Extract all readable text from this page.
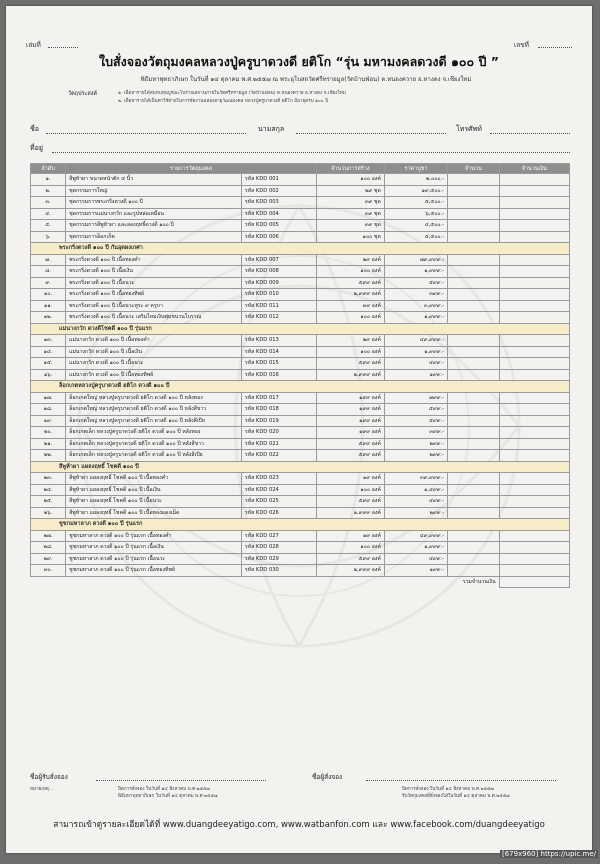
เล่มที่	เลขที่
ใบสั่งจองวัตถุมงคลหลวงปู่ครูบาดวงดี ยติโก “รุ่น มหามงคลดวงดี ๑๐๐ ปี ”
พิธีมหาพุทธาภิเษก ในวันที่ ๑๔ ตุลาคม พ.ศ.๒๕๕๗ ณ พระอุโบสถวัดศรีทรายมูล(วัดบ้านฟ่อน) ต.หนองควาย อ.หางดง จ.เชียงใหม่
วัตถุประสงค์	๑. เพื่อหารายได้สมทบทุนบูรณะโบราณสถานภายในวัดศรีทรายมูล (วัดบ้านฟ่อน) ต.หนองควาย อ.หางดง จ.เชียงใหม่
๒. เพื่อหารายได้เป็นค่าใช้จ่ายในการจัดงานฉลองอายุวัฒนมงคล หลวงปู่ครูบาดวงดี ยติโก มีอายุครบ ๑๐๐ ปี
ชื่อ	นามสกุล	โทรศัพท์
ที่อยู่
ลำดับ	รายการวัตถุมงคล		จำนวนการสร้าง	ราคาบูชา	จำนวน	จำนวนเงิน
๑.	สีพูห้าผา ขนาดหน้าตัก ๕ นิ้ว	รหัส KDD 001	๑๐๐ องค์	๒,๐๐๐.-		
๒.	ชุดกรรมการใหญ่	รหัส KDD 002	๒๙ ชุด	๑๙,๕๐๐.-		
๓.	ชุดกรรมการพระกริ่งดวงดี ๑๐๐ ปี	รหัส KDD 003	๓๙ ชุด	๕,๕๐๐.-		
๔.	ชุดกรรมการแม่นางกวัก และรูปหล่อเหมือน	รหัส KDD 004	๓๙ ชุด	๖,๕๐๐.-		
๕.	ชุดกรรมการสีพูห้าผา และลองฤทธิ์ดวงดี ๑๐๐ ปี	รหัส KDD 005	๓๙ ชุด	๔,๕๐๐.-		
๖.	ชุดกรรมการล็อกเก็ต	รหัส KDD 006	๑๐๐ ชุด	๕,๕๐๐.-		
พระกริ่งดวงดี ๑๐๐ ปี กันอุดผงเกศา						
๗.	พระกริ่งดวงดี ๑๐๐ ปี เนื้อทองคำ	รหัส KDD 007	๒๙ องค์	๗๙,๙๙๙.-		
๘.	พระกริ่งดวงดี ๑๐๐ ปี เนื้อเงิน	รหัส KDD 008	๑๐๐ องค์	๑,๙๙๙.-		
๙.	พระกริ่งดวงดี ๑๐๐ ปี เนื้อนวะ	รหัส KDD 009	๕๙๙ องค์	๕๙๙.-		
๑๐.	พระกริ่งดวงดี ๑๐๐ ปี เนื้อทองทิพย์	รหัส KDD 010	๒,๙๙๙ องค์	๓๙๙.-		
๑๑.	พระกริ่งดวงดี ๑๐๐ ปี เนื้อนวะหูระ ๙ ครูบา	รหัส KDD 011	๓๙ องค์	๓,๙๙๙.-		
๑๒.	พระกริ่งดวงดี ๑๐๐ ปี เนื้อนวะ เสริมไหมเงินพุ่มชนวนโบราณ	รหัส KDD 012	๑๐๐ องค์	๑,๙๙๙.-		
แม่นางกวัก ดวงดีโชคดี ๑๐๐ ปี รุ่นแรก						
๑๓.	แม่นางกวัก ดวงดี ๑๐๐ ปี เนื้อทองคำ	รหัส KDD 013	๒๙ องค์	๔๙,๙๙๙.-		
๑๔.	แม่นางกวัก ดวงดี ๑๐๐ ปี เนื้อเงิน	รหัส KDD 014	๑๐๐ องค์	๑,๙๙๙.-		
๑๕.	แม่นางกวัก ดวงดี ๑๐๐ ปี เนื้อนวะ	รหัส KDD 015	๕๙๙ องค์	๔๙๙.-		
๑๖.	แม่นางกวัก ดวงดี ๑๐๐ ปี เนื้อทองทิพย์	รหัส KDD 016	๒,๙๙๙ องค์	๑๙๙.-		
ล็อกเกตหลวงปู่ครูบาดวงดี ยติโก ดวงดี ๑๐๐ ปี						
๑๗.	ล็อกเกตใหญ่ หลวงปู่ครูบาดวงดี ยติโก ดวงดี ๑๐๐ ปี หลังทอง	รหัส KDD 017	๑๙๙ องค์	๗๙๙.-		
๑๘.	ล็อกเกตใหญ่ หลวงปู่ครูบาดวงดี ยติโก ดวงดี ๑๐๐ ปี หลังสีขาว	รหัส KDD 018	๑๙๙ องค์	๕๙๙.-		
๑๙.	ล็อกเกตใหญ่ หลวงปู่ครูบาดวงดี ยติโก ดวงดี ๑๐๐ ปี หลังสีเปีย	รหัส KDD 019	๑๙๙ องค์	๕๙๙.-		
๒๐.	ล็อกเกตเล็ก หลวงปู่ครูบาดวงดี ยติโก ดวงดี ๑๐๐ ปี หลังทอง	รหัส KDD 020	๑๙๙ องค์	๓๙๙.-		
๒๑.	ล็อกเกตเล็ก หลวงปู่ครูบาดวงดี ยติโก ดวงดี ๑๐๐ ปี หลังสีขาว	รหัส KDD 021	๕๙๙ องค์	๒๙๙.-		
๒๒.	ล็อกเกตเล็ก หลวงปู่ครูบาดวงดี ยติโก ดวงดี ๑๐๐ ปี หลังสีเปีย	รหัส KDD 022	๕๙๙ องค์	๒๙๙.-		
สีพูห้าผา แผลงฤทธิ์ โชคดี ๑๐๐ ปี						
๒๓.	สีพูห้าผา แผลงฤทธิ์ โชคดี ๑๐๐ ปี เนื้อทองคำ	รหัส KDD 023	๑๙ องค์	๓๙,๙๙๙.-		
๒๔.	สีพูห้าผา แผลงฤทธิ์ โชคดี ๑๐๐ ปี เนื้อเงิน	รหัส KDD 024	๑๐๐ องค์	๑,๔๙๙.-		
๒๕.	สีพูห้าผา แผลงฤทธิ์ โชคดี ๑๐๐ ปี เนื้อนวะ	รหัส KDD 025	๕๙๙ องค์	๔๙๙.-		
๒๖.	สีพูห้าผา แผลงฤทธิ์ โชคดี ๑๐๐ ปี เนื้อทองแดงเม็ด	รหัส KDD 026	๑,๙๙๙ องค์	๒๙๙.-		
ชูชกมหาลาภ ดวงดี ๑๐๐ ปี รุ่นแรก						
๒๗.	ชูชกมหาลาภ ดวงดี ๑๐๐ ปี รุ่นแรก เนื้อทองคำ	รหัส KDD 027	๑๙ องค์	๔๙,๙๙๙.-		
๒๘.	ชูชกมหาลาภ ดวงดี ๑๐๐ ปี รุ่นแรก เนื้อเงิน	รหัส KDD 028	๑๐๐ องค์	๑,๙๙๙.-		
๒๙.	ชูชกมหาลาภ ดวงดี ๑๐๐ ปี รุ่นแรก เนื้อนวะ	รหัส KDD 029	๕๙๙ องค์	๔๙๙.-		
๓๐.	ชูชกมหาลาภ ดวงดี ๑๐๐ ปี รุ่นแรก เนื้อทองทิพย์	รหัส KDD 030	๒,๙๙๙ องค์	๑๙๙.-		
รวมจำนวนเงิน						
ชื่อผู้รับสั่งจอง	ชื่อผู้สั่งจอง
หมายเหตุ...	ปิดการสั่งจอง ในวันที่ ๑๔ สิงหาคม พ.ศ.๒๕๕๗
พิธีมหาพุทธาภิเษก ในวันที่ ๑๔ ตุลาคม พ.ศ.๒๕๕๗
ปิดการสั่งจอง ในวันที่ ๑๔ สิงหาคม พ.ศ.๒๕๕๗
รับวัตถุมงคลที่สั่งจองได้ในวันที่ ๑๔ ตุลาคม พ.ศ.๒๕๕๗
สามารถเข้าดูรายละเอียดได้ที่ www.duangdeeyatigo.com, www.watbanfon.com และ www.facebook.com/duangdeeyatigo
[679x960] https://upic.me/
